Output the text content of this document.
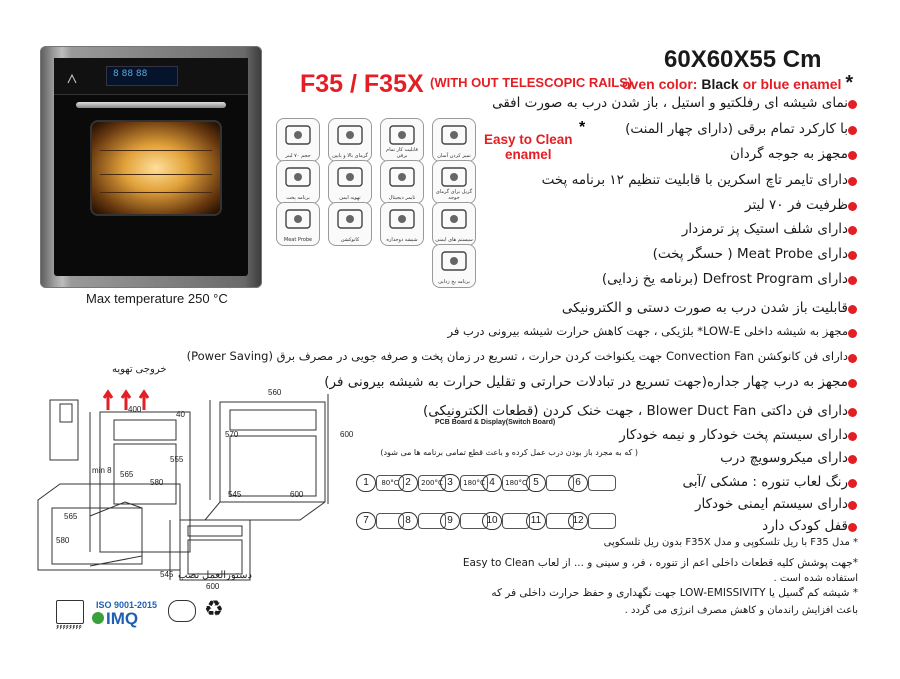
60X60X55 Cm
F35 / F35X (WITH OUT TELESCOPIC RAILS)
oven color: Black or blue enamel *
8 88 88
Max temperature 250 °C
تمیز کردن آسان
قابلیت کار تمام برقی
گرمای بالا و پایین
حجم ۷۰ لیتر
گریل برای گرمای جوجه
تایمر دیجیتال
تهویه ایمن
برنامه پخت
سیستم های ایمنی
شیشه دوجداره
کانوکشن
Meat Probe
برنامه یخ زدایی
*
Easy to Clean
enamel
نمای شیشه ای رفلکتیو و استیل ، باز شدن درب به صورت افقی
با کارکرد تمام برقی (دارای چهار المنت)
مجهز به جوجه گردان
دارای تایمر تاچ اسکرین با قابلیت تنظیم ۱۲ برنامه پخت
ظرفیت فر ۷۰ لیتر
دارای شلف استیک پز ترمزدار
دارای Meat Probe ( حسگر پخت)
دارای Defrost Program (برنامه یخ زدایی)
قابلیت باز شدن درب به صورت دستی و الکترونیکی
مجهز به شیشه داخلی LOW-E* بلژیکی ، جهت کاهش حرارت شیشه بیرونی درب فر
دارای فن کانوکشن Convection Fan جهت یکنواخت کردن حرارت ، تسریع در زمان پخت و صرفه جویی در مصرف برق (Power Saving)
مجهز به درب چهار جداره(جهت تسریع در تبادلات حرارتی و تقلیل حرارت به شیشه بیرونی فر)
دارای فن داکتی Blower Duct Fan ، جهت خنک کردن (قطعات الکترونیکی)
دارای سیستم پخت خودکار و نیمه خودکار
دارای میکروسویچ درب
رنگ لعاب تنوره : مشکی /آبی
دارای سیستم ایمنی خودکار
قفل کودک دارد
PCB Board & Display(Switch Board)
( که به مجرد باز بودن درب عمل کرده و باعث قطع تمامی برنامه ها می شود)
1	80°C 2	200°C 3	180°C 4	180°C 5	6
7	8	9	10	11	12
* مدل F35 با ریل تلسکوپی و مدل F35X بدون ریل تلسکوپی
*جهت پوشش کلیه قطعات داخلی اعم از تنوره ، فر، و سینی و ... از لعاب Easy to Clean
استفاده شده است .
* شیشه کم گسیل یا LOW-EMISSIVITY جهت نگهداری و حفظ حرارت داخلی فر که
باعث افزایش راندمان و کاهش مصرف انرژی می گردد .
خروجی تهویه
دستورالعمل نصب
560
570	600
545	600
400
40
555
565
580
min 8
565
580
545
600
۶۶۶۶۶۶۶۶
ISO 9001-2015
IMQ	♻
